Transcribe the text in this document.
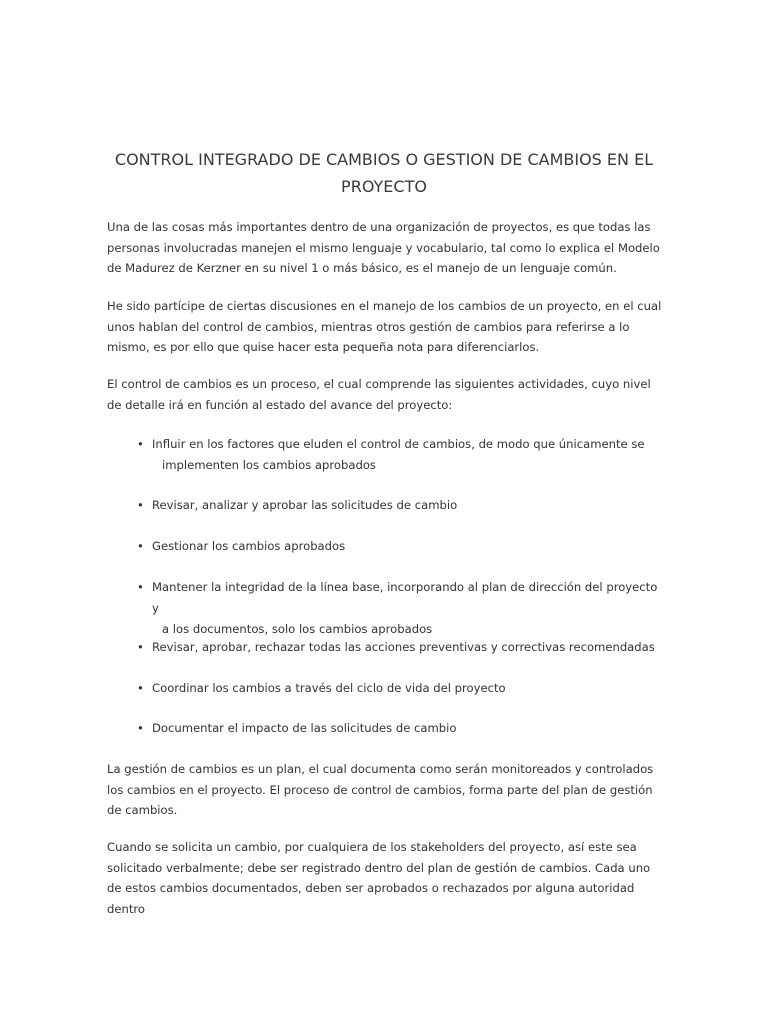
CONTROL INTEGRADO DE CAMBIOS O GESTION DE CAMBIOS EN EL PROYECTO

Una de las cosas más importantes dentro de una organización de proyectos, es que todas las personas involucradas manejen el mismo lenguaje y vocabulario, tal como lo explica el Modelo de Madurez de Kerzner en su nivel 1 o más básico, es el manejo de un lenguaje común.

He sido partícipe de ciertas discusiones en el manejo de los cambios de un proyecto, en el cual unos hablan del control de cambios, mientras otros gestión de cambios para referirse a lo mismo, es por ello que quise hacer esta pequeña nota para diferenciarlos.

El control de cambios es un proceso, el cual comprende las siguientes actividades, cuyo nivel de detalle irá en función al estado del avance del proyecto:

• Influir en los factores que eluden el control de cambios, de modo que únicamente se
implementen los cambios aprobados
• Revisar, analizar y aprobar las solicitudes de cambio
• Gestionar los cambios aprobados
• Mantener la integridad de la línea base, incorporando al plan de dirección del proyecto y
a los documentos, solo los cambios aprobados
• Revisar, aprobar, rechazar todas las acciones preventivas y correctivas recomendadas
• Coordinar los cambios a través del ciclo de vida del proyecto
• Documentar el impacto de las solicitudes de cambio

La gestión de cambios es un plan, el cual documenta como serán monitoreados y controlados los cambios en el proyecto. El proceso de control de cambios, forma parte del plan de gestión de cambios.

Cuando se solicita un cambio, por cualquiera de los stakeholders del proyecto, así este sea solicitado verbalmente; debe ser registrado dentro del plan de gestión de cambios. Cada uno de estos cambios documentados, deben ser aprobados o rechazados por alguna autoridad dentro
